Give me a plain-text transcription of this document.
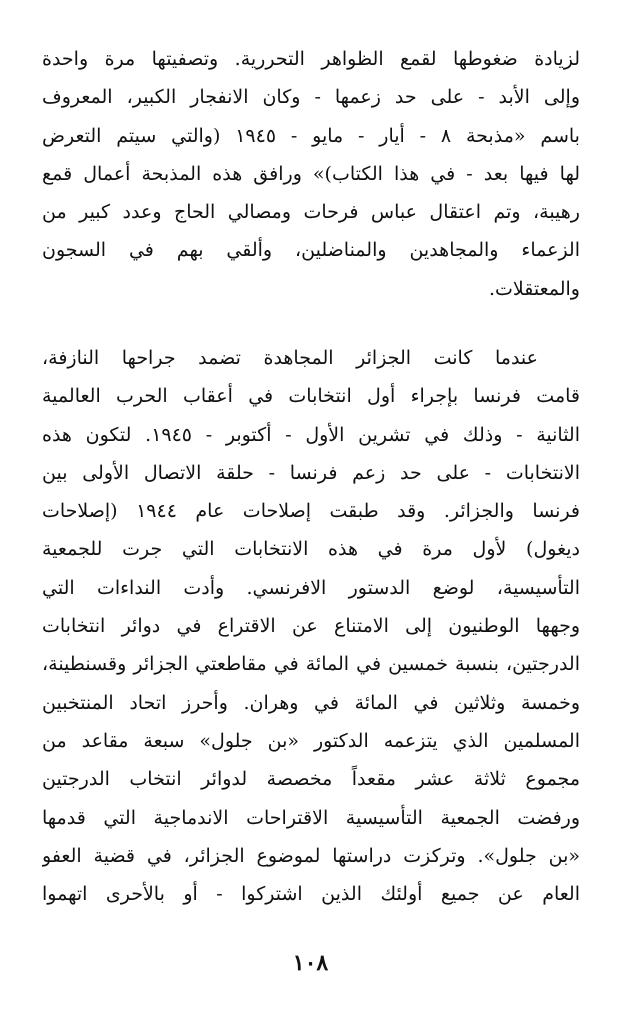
لزيادة ضغوطها لقمع الظواهر التحررية. وتصفيتها مرة واحدة
وإلى الأبد - على حد زعمها - وكان الانفجار الكبير، المعروف
باسم «مذبحة ٨ - أيار - مايو - ١٩٤٥ (والتي سيتم التعرض
لها فيها بعد - في هذا الكتاب)» ورافق هذه المذبحة أعمال قمع
رهيبة، وتم اعتقال عباس فرحات ومصالي الحاج وعدد كبير من
الزعماء والمجاهدين والمناضلين، وألقي بهم في السجون
والمعتقلات.
عندما كانت الجزائر المجاهدة تضمد جراحها النازفة،
قامت فرنسا بإجراء أول انتخابات في أعقاب الحرب العالمية
الثانية - وذلك في تشرين الأول - أكتوبر - ١٩٤٥. لتكون هذه
الانتخابات - على حد زعم فرنسا - حلقة الاتصال الأولى بين
فرنسا والجزائر. وقد طبقت إصلاحات عام ١٩٤٤ (إصلاحات
ديغول) لأول مرة في هذه الانتخابات التي جرت للجمعية
التأسيسية، لوضع الدستور الافرنسي. وأدت النداءات التي
وجهها الوطنيون إلى الامتناع عن الاقتراع في دوائر انتخابات
الدرجتين، بنسبة خمسين في المائة في مقاطعتي الجزائر وقسنطينة،
وخمسة وثلاثين في المائة في وهران. وأحرز اتحاد المنتخبين
المسلمين الذي يتزعمه الدكتور «بن جلول» سبعة مقاعد من
مجموع ثلاثة عشر مقعداً مخصصة لدوائر انتخاب الدرجتين
ورفضت الجمعية التأسيسية الاقتراحات الاندماجية التي قدمها
«بن جلول». وتركزت دراستها لموضوع الجزائر، في قضية العفو
العام عن جميع أولئك الذين اشتركوا - أو بالأحرى اتهموا
١٠٨
